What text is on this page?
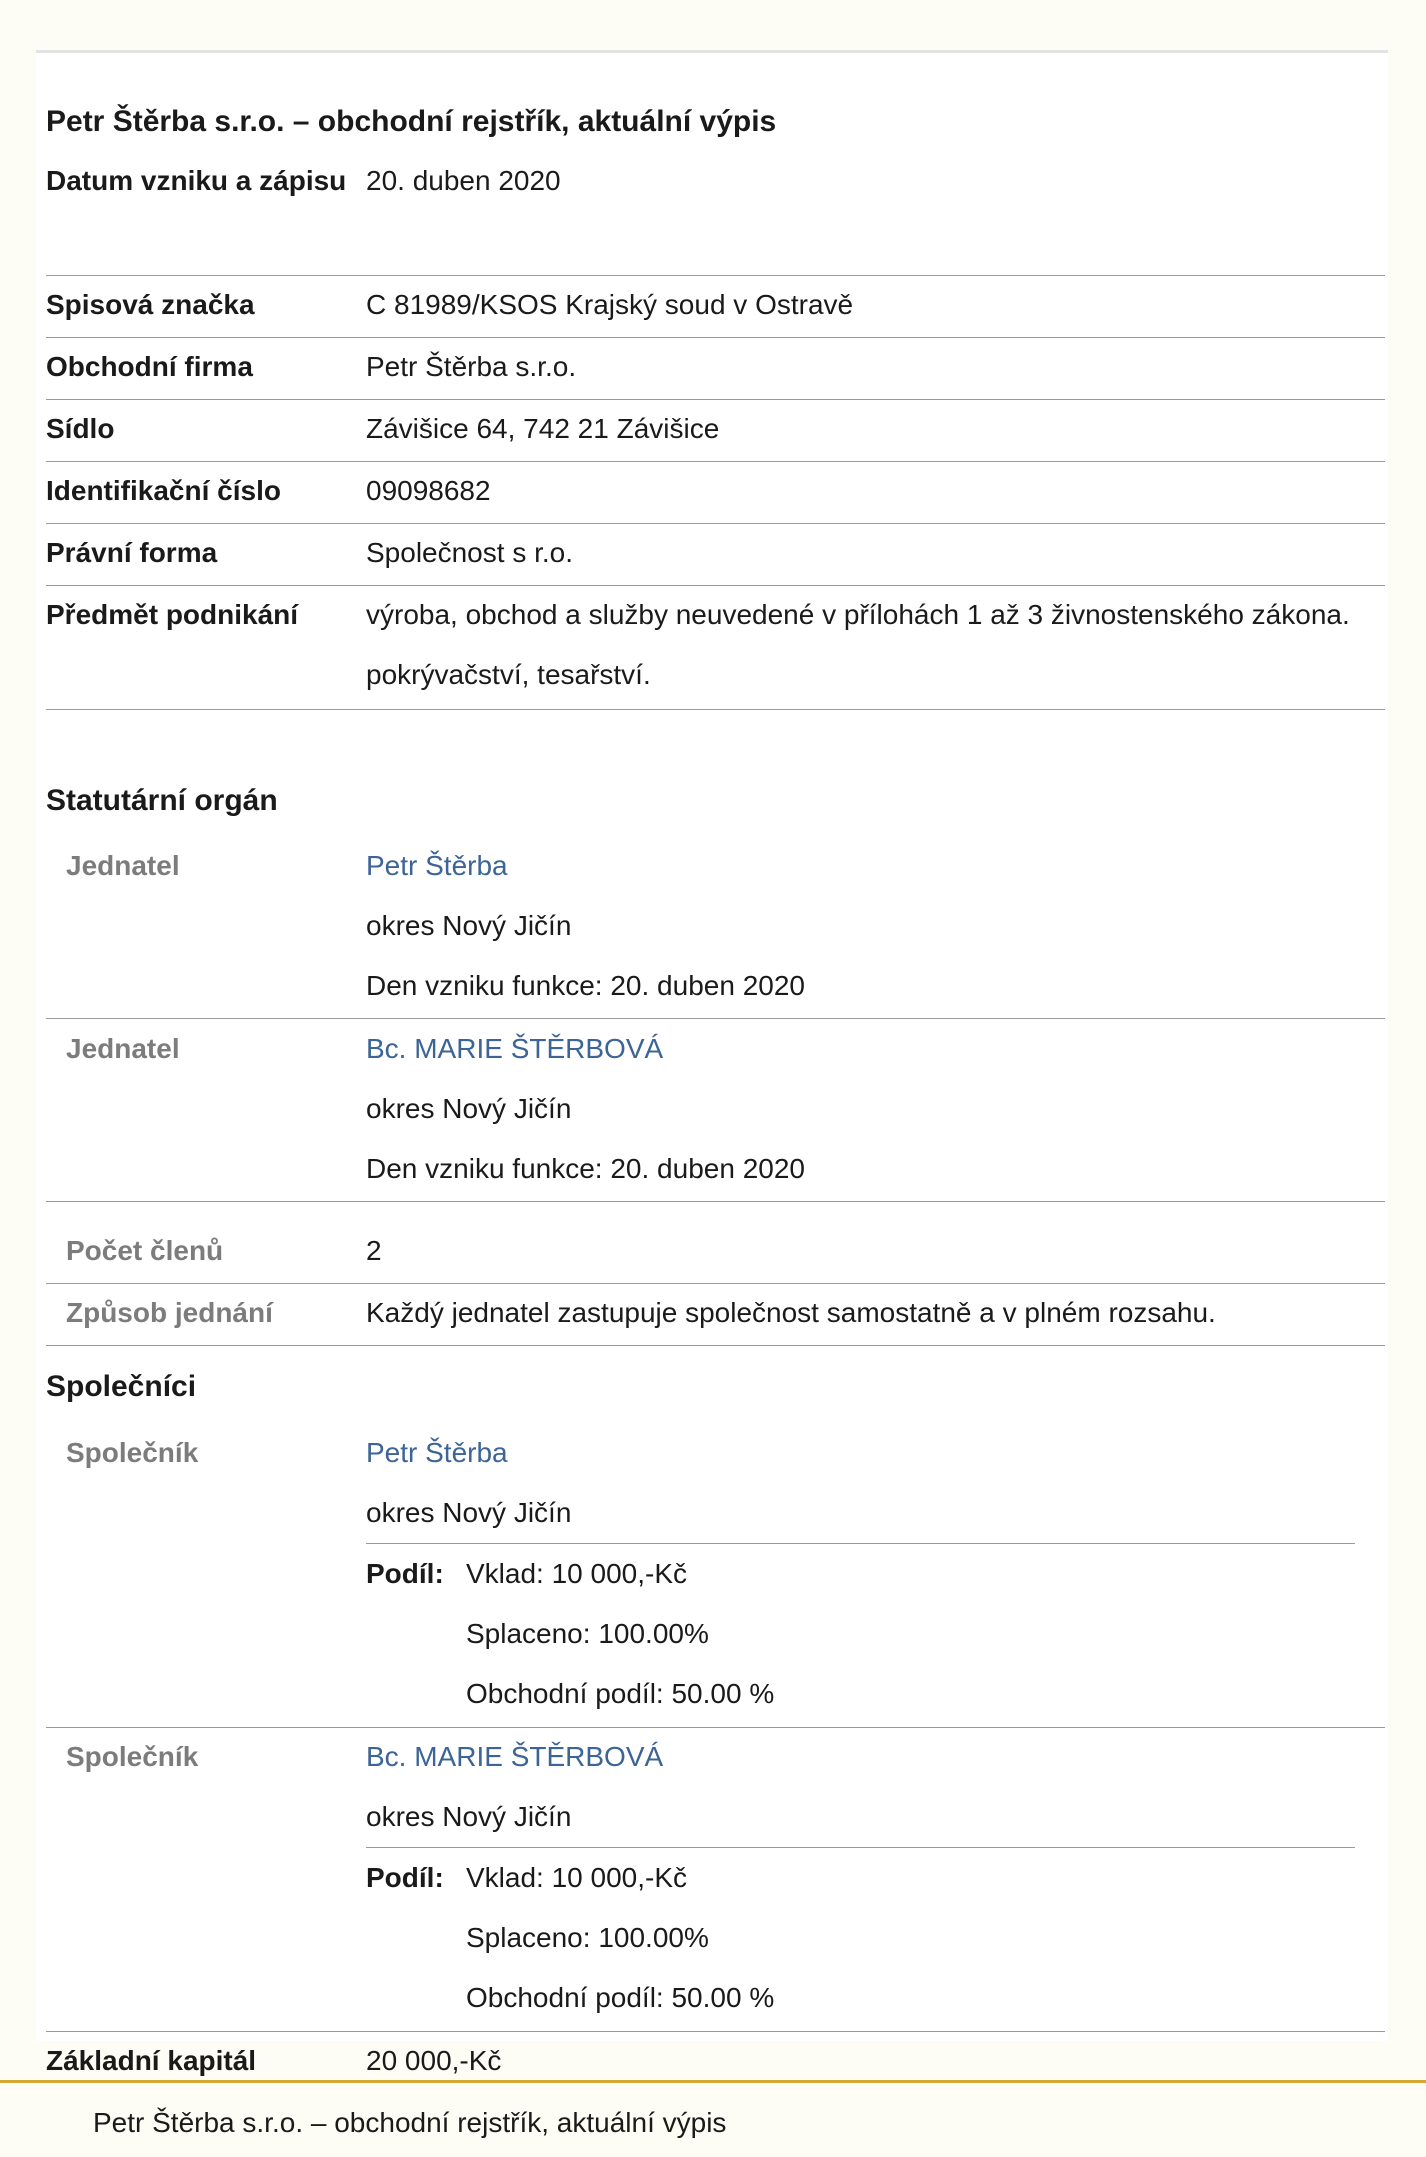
Petr Štěrba s.r.o. – obchodní rejstřík, aktuální výpis
Datum vzniku a zápisu 20. duben 2020
Spisová značka	C 81989/KSOS Krajský soud v Ostravě
Obchodní firma	Petr Štěrba s.r.o.
Sídlo	Závišice 64, 742 21 Závišice
Identifikační číslo	09098682
Právní forma	Společnost s r.o.
Předmět podnikání	výroba, obchod a služby neuvedené v přílohách 1 až 3 živnostenského zákona. pokrývačství, tesařství.
Statutární orgán
Jednatel	Petr Štěrba
okres Nový Jičín
Den vzniku funkce: 20. duben 2020
Jednatel	Bc. MARIE ŠTĚRBOVÁ
okres Nový Jičín
Den vzniku funkce: 20. duben 2020
Počet členů	2
Způsob jednání	Každý jednatel zastupuje společnost samostatně a v plném rozsahu.
Společníci
Společník	Petr Štěrba
okres Nový Jičín
Podíl: Vklad: 10 000,-Kč
Splaceno: 100.00%
Obchodní podíl: 50.00 %
Společník	Bc. MARIE ŠTĚRBOVÁ
okres Nový Jičín
Podíl: Vklad: 10 000,-Kč
Splaceno: 100.00%
Obchodní podíl: 50.00 %
Základní kapitál	20 000,-Kč
Petr Štěrba s.r.o. – obchodní rejstřík, aktuální výpis
